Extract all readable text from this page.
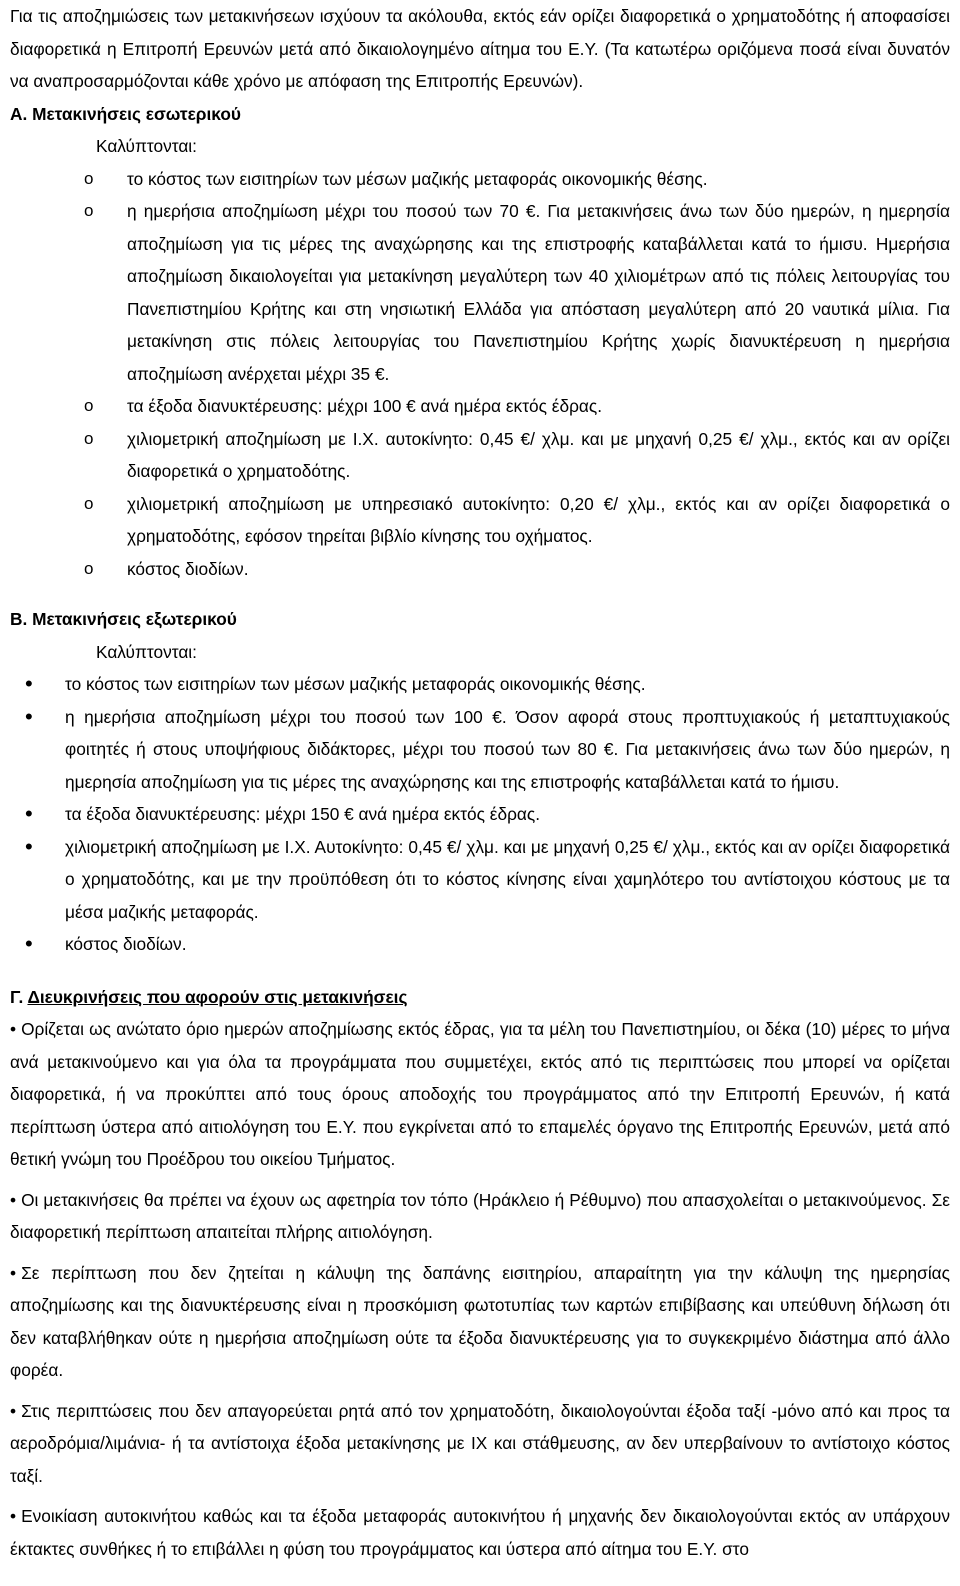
Για τις αποζημιώσεις των μετακινήσεων ισχύουν τα ακόλουθα, εκτός εάν ορίζει διαφορετικά ο χρηματοδότης ή αποφασίσει διαφορετικά η Επιτροπή Ερευνών μετά από δικαιολογημένο αίτημα του Ε.Υ. (Τα κατωτέρω οριζόμενα ποσά είναι δυνατόν να αναπροσαρμόζονται κάθε χρόνο με απόφαση της Επιτροπής Ερευνών).

Α. Μετακινήσεις εσωτερικού

Καλύπτονται:

o το κόστος των εισιτηρίων των μέσων μαζικής μεταφοράς οικονομικής θέσης.
o η ημερήσια αποζημίωση μέχρι του ποσού των 70 €. Για μετακινήσεις άνω των δύο ημερών, η ημερησία αποζημίωση για τις μέρες της αναχώρησης και της επιστροφής καταβάλλεται κατά το ήμισυ. Ημερήσια αποζημίωση δικαιολογείται για μετακίνηση μεγαλύτερη των 40 χιλιομέτρων από τις πόλεις λειτουργίας του Πανεπιστημίου Κρήτης και στη νησιωτική Ελλάδα για απόσταση μεγαλύτερη από 20 ναυτικά μίλια. Για μετακίνηση στις πόλεις λειτουργίας του Πανεπιστημίου Κρήτης χωρίς διανυκτέρευση η ημερήσια αποζημίωση ανέρχεται μέχρι 35 €.
o τα έξοδα διανυκτέρευσης: μέχρι 100 € ανά ημέρα εκτός έδρας.
o χιλιομετρική αποζημίωση με Ι.Χ. αυτοκίνητο: 0,45 €/ χλμ. και με μηχανή 0,25 €/ χλμ., εκτός και αν ορίζει διαφορετικά ο χρηματοδότης.
o χιλιομετρική αποζημίωση με υπηρεσιακό αυτοκίνητο: 0,20 €/ χλμ., εκτός και αν ορίζει διαφορετικά ο χρηματοδότης, εφόσον τηρείται βιβλίο κίνησης του οχήματος.
o κόστος διοδίων.

Β. Μετακινήσεις εξωτερικού

Καλύπτονται:

• το κόστος των εισιτηρίων των μέσων μαζικής μεταφοράς οικονομικής θέσης.
• η ημερήσια αποζημίωση μέχρι του ποσού των 100 €. Όσον αφορά στους προπτυχιακούς ή μεταπτυχιακούς φοιτητές ή στους υποψήφιους διδάκτορες, μέχρι του ποσού των 80 €. Για μετακινήσεις άνω των δύο ημερών, η ημερησία αποζημίωση για τις μέρες της αναχώρησης και της επιστροφής καταβάλλεται κατά το ήμισυ.
• τα έξοδα διανυκτέρευσης: μέχρι 150 € ανά ημέρα εκτός έδρας.
• χιλιομετρική αποζημίωση με Ι.Χ. Αυτοκίνητο: 0,45 €/ χλμ. και με μηχανή 0,25 €/ χλμ., εκτός και αν ορίζει διαφορετικά ο χρηματοδότης, και με την προϋπόθεση ότι το κόστος κίνησης είναι χαμηλότερο του αντίστοιχου κόστους με τα μέσα μαζικής μεταφοράς.
• κόστος διοδίων.

Γ. Διευκρινήσεις που αφορούν στις μετακινήσεις

• Ορίζεται ως ανώτατο όριο ημερών αποζημίωσης εκτός έδρας, για τα μέλη του Πανεπιστημίου, οι δέκα (10) μέρες το μήνα ανά μετακινούμενο και για όλα τα προγράμματα που συμμετέχει, εκτός από τις περιπτώσεις που μπορεί να ορίζεται διαφορετικά, ή να προκύπτει από τους όρους αποδοχής του προγράμματος από την Επιτροπή Ερευνών, ή κατά περίπτωση ύστερα από αιτιολόγηση του Ε.Υ. που εγκρίνεται από το επαμελές όργανο της Επιτροπής Ερευνών, μετά από θετική γνώμη του Προέδρου του οικείου Τμήματος.

• Οι μετακινήσεις θα πρέπει να έχουν ως αφετηρία τον τόπο (Ηράκλειο ή Ρέθυμνο) που απασχολείται ο μετακινούμενος. Σε διαφορετική περίπτωση απαιτείται πλήρης αιτιολόγηση.

• Σε περίπτωση που δεν ζητείται η κάλυψη της δαπάνης εισιτηρίου, απαραίτητη για την κάλυψη της ημερησίας αποζημίωσης και της διανυκτέρευσης είναι η προσκόμιση φωτοτυπίας των καρτών επιβίβασης και υπεύθυνη δήλωση ότι δεν καταβλήθηκαν ούτε η ημερήσια αποζημίωση ούτε τα έξοδα διανυκτέρευσης για το συγκεκριμένο διάστημα από άλλο φορέα.

• Στις περιπτώσεις που δεν απαγορεύεται ρητά από τον χρηματοδότη, δικαιολογούνται έξοδα ταξί -μόνο από και προς τα αεροδρόμια/λιμάνια- ή τα αντίστοιχα έξοδα μετακίνησης με ΙΧ και στάθμευσης, αν δεν υπερβαίνουν το αντίστοιχο κόστος ταξί.

• Ενοικίαση αυτοκινήτου καθώς και τα έξοδα μεταφοράς αυτοκινήτου ή μηχανής δεν δικαιολογούνται εκτός αν υπάρχουν έκτακτες συνθήκες ή το επιβάλλει η φύση του προγράμματος και ύστερα από αίτημα του Ε.Υ. στο
